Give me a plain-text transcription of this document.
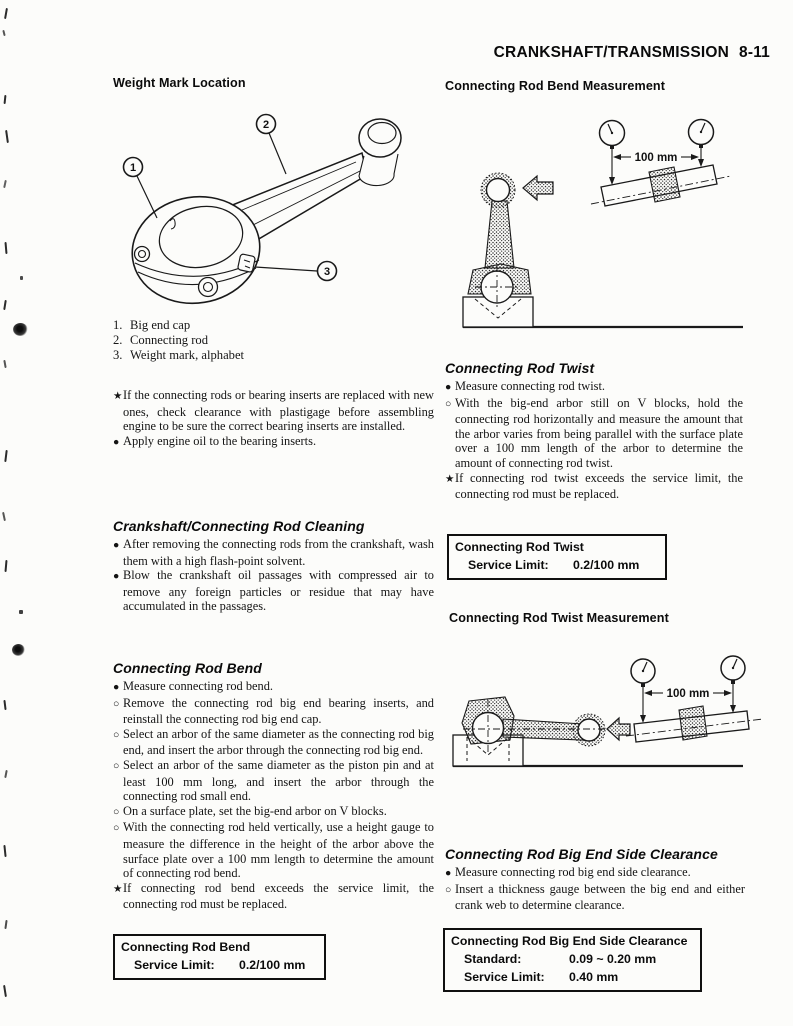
CRANKSHAFT/TRANSMISSION 8-11
Weight Mark Location
1
2
3
1. Big end cap
2. Connecting rod
3. Weight mark, alphabet

★If the connecting rods or bearing inserts are replaced with new ones, check clearance with plastigage before assembling engine to be sure the correct bearing inserts are installed.

● Apply engine oil to the bearing inserts.

Crankshaft/Connecting Rod Cleaning

● After removing the connecting rods from the crankshaft, wash them with a high flash-point solvent.

● Blow the crankshaft oil passages with compressed air to remove any foreign particles or residue that may have accumulated in the passages.

Connecting Rod Bend

● Measure connecting rod bend.

○ Remove the connecting rod big end bearing inserts, and reinstall the connecting rod big end cap.

○ Select an arbor of the same diameter as the connecting rod big end, and insert the arbor through the connecting rod big end.

○ Select an arbor of the same diameter as the piston pin and at least 100 mm long, and insert the arbor through the connecting rod small end.

○ On a surface plate, set the big-end arbor on V blocks.

○ With the connecting rod held vertically, use a height gauge to measure the difference in the height of the arbor above the surface plate over a 100 mm length to determine the amount of connecting rod bend.

★If connecting rod bend exceeds the service limit, the connecting rod must be replaced.

Connecting Rod Bend
Service Limit:	0.2/100 mm
Connecting Rod Bend Measurement
100 mm
Connecting Rod Twist

● Measure connecting rod twist.

○ With the big-end arbor still on V blocks, hold the connecting rod horizontally and measure the amount that the arbor varies from being parallel with the surface plate over a 100 mm length of the arbor to determine the amount of connecting rod twist.

★If connecting rod twist exceeds the service limit, the connecting rod must be replaced.

Connecting Rod Twist
Service Limit:	0.2/100 mm
Connecting Rod Twist Measurement
100 mm
Connecting Rod Big End Side Clearance

● Measure connecting rod big end side clearance.

○ Insert a thickness gauge between the big end and either crank web to determine clearance.

Connecting Rod Big End Side Clearance
Standard:	0.09 ~ 0.20 mm
Service Limit:	0.40 mm
